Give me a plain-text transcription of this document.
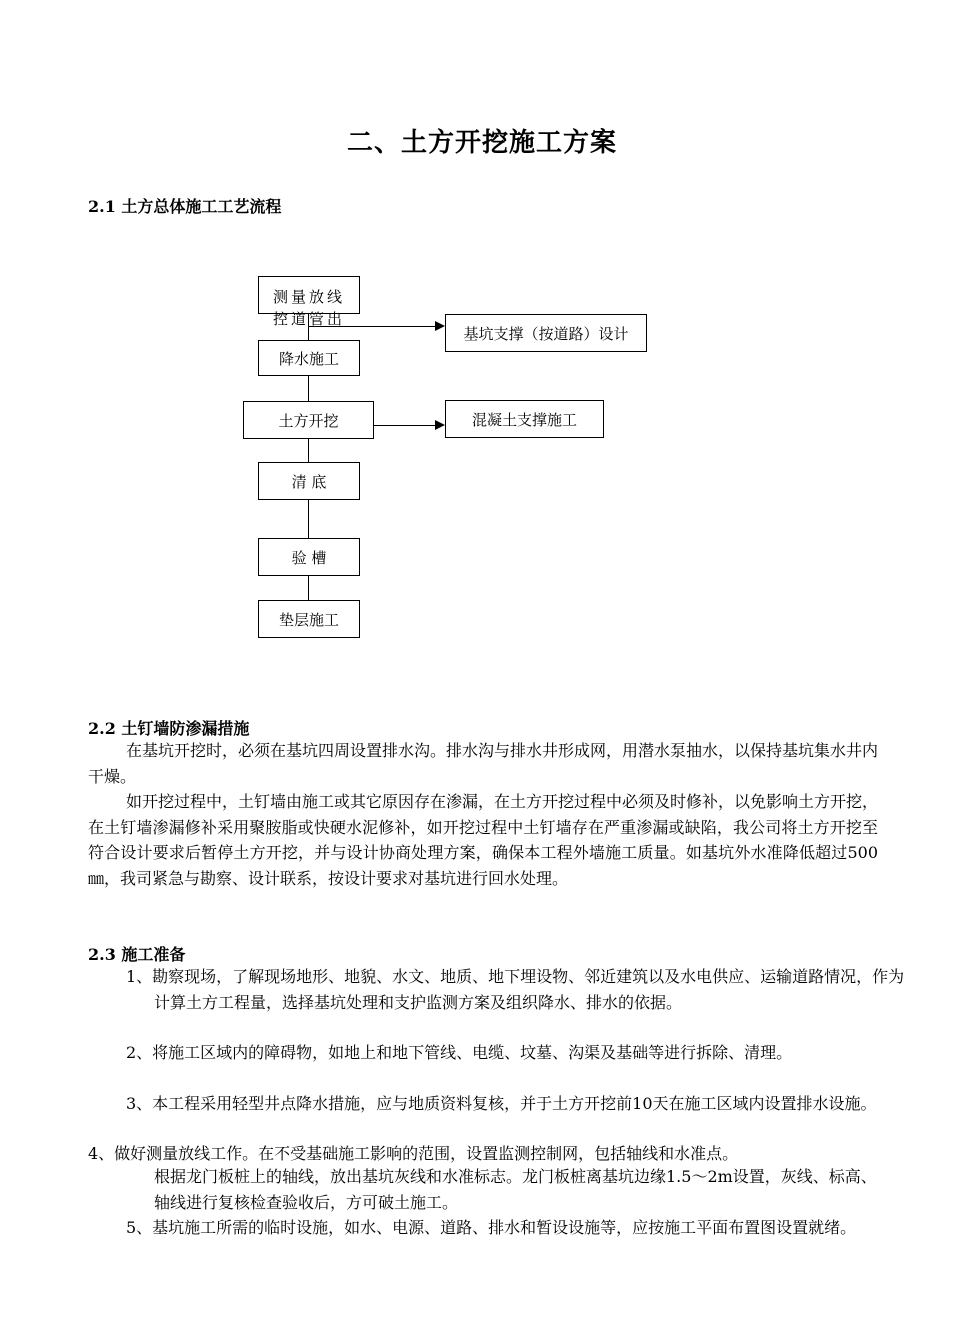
二、土方开挖施工方案
2.1 土方总体施工工艺流程
测量放线
控道管出
降水施工
土方开挖
清 底
验 槽
垫层施工
基坑支撑（按道路）设计
混凝土支撑施工
2.2 土钉墙防渗漏措施
在基坑开挖时，必须在基坑四周设置排水沟。排水沟与排水井形成网，用潜水泵抽水，以保持基坑集水井内干燥。
如开挖过程中，土钉墙由施工或其它原因存在渗漏，在土方开挖过程中必须及时修补，以免影响土方开挖，在土钉墙渗漏修补采用聚胺脂或快硬水泥修补，如开挖过程中土钉墙存在严重渗漏或缺陷，我公司将土方开挖至符合设计要求后暂停土方开挖，并与设计协商处理方案，确保本工程外墙施工质量。如基坑外水准降低超过500㎜，我司紧急与勘察、设计联系，按设计要求对基坑进行回水处理。
2.3 施工准备
1、勘察现场，了解现场地形、地貌、水文、地质、地下埋设物、邻近建筑以及水电供应、运输道路情况，作为计算土方工程量，选择基坑处理和支护监测方案及组织降水、排水的依据。
2、将施工区域内的障碍物，如地上和地下管线、电缆、坟墓、沟渠及基础等进行拆除、清理。
3、本工程采用轻型井点降水措施，应与地质资料复核，并于土方开挖前10天在施工区域内设置排水设施。
4、做好测量放线工作。在不受基础施工影响的范围，设置监测控制网，包括轴线和水准点。
根据龙门板桩上的轴线，放出基坑灰线和水准标志。龙门板桩离基坑边缘1.5～2m设置，灰线、标高、轴线进行复核检查验收后，方可破土施工。
5、基坑施工所需的临时设施，如水、电源、道路、排水和暂设设施等，应按施工平面布置图设置就绪。
